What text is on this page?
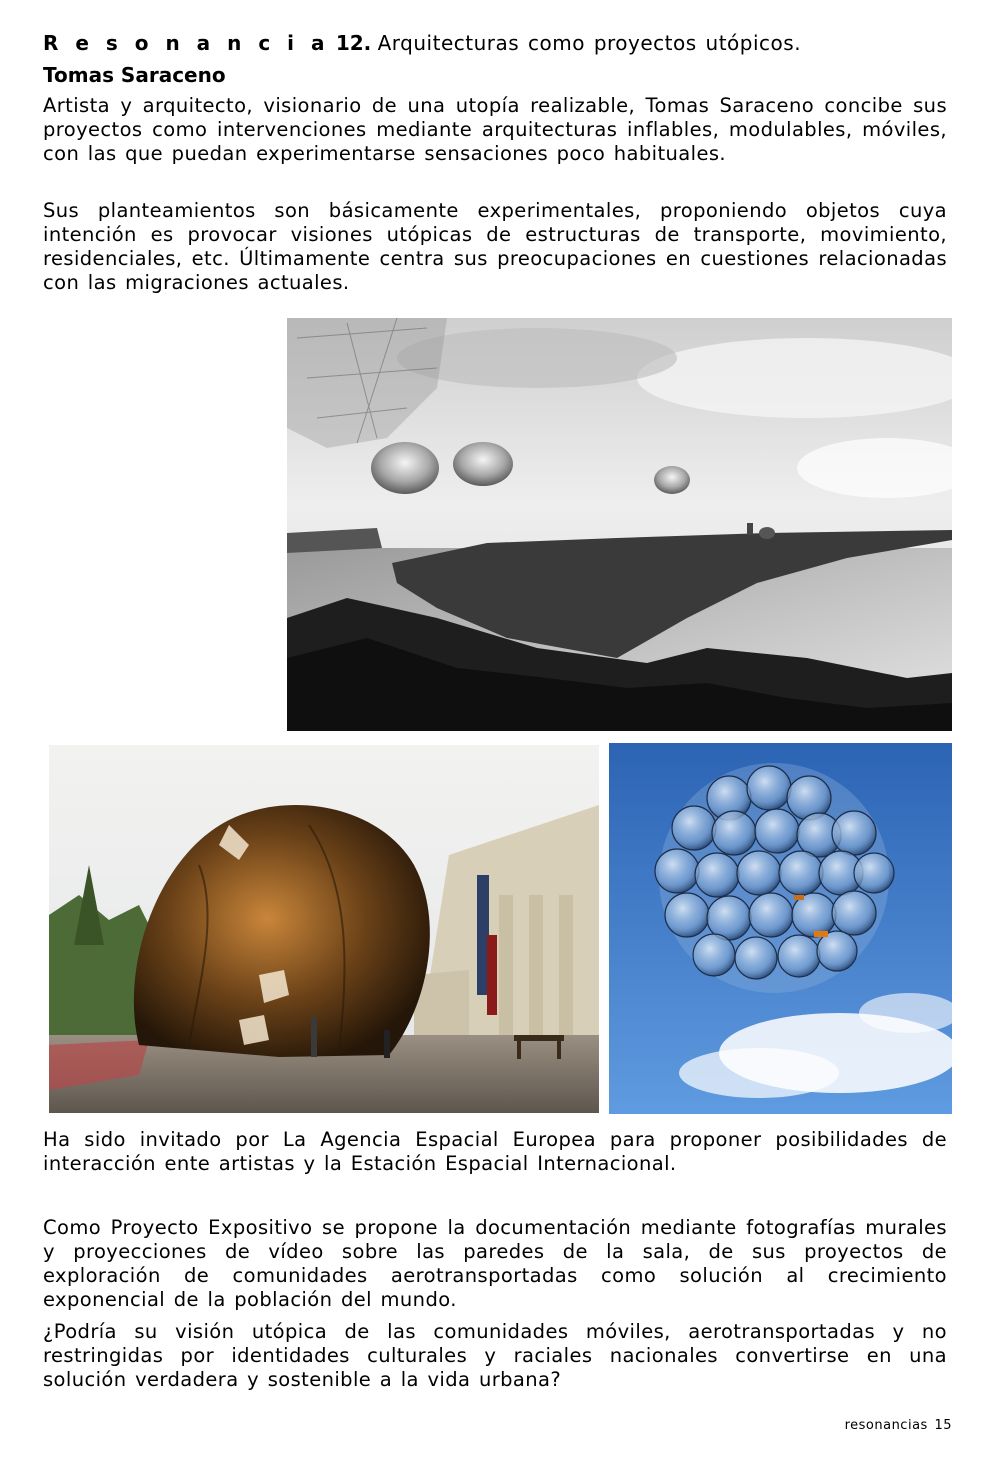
R e s o n a n c i a 12. Arquitecturas como proyectos utópicos.
Tomas Saraceno

Artista y arquitecto, visionario de una utopía realizable, Tomas Saraceno concibe sus proyectos como intervenciones mediante arquitecturas inflables, modulables, móviles, con las que puedan experimentarse sensaciones poco habituales.

Sus planteamientos son básicamente experimentales, proponiendo objetos cuya intención es provocar visiones utópicas de estructuras de transporte, movimiento, residenciales, etc. Últimamente centra sus preocupaciones en cuestiones relacionadas con las migraciones actuales.

Ha sido invitado por La Agencia Espacial Europea para proponer posibilidades de interacción ente artistas y la Estación Espacial Internacional.

Como Proyecto Expositivo se propone la documentación mediante fotografías murales y proyecciones de vídeo sobre las paredes de la sala, de sus proyectos de exploración de comunidades aerotransportadas como solución al crecimiento exponencial de la población del mundo.

¿Podría su visión utópica de las comunidades móviles, aerotransportadas y no restringidas por identidades culturales y raciales nacionales convertirse en una solución verdadera y sostenible a la vida urbana?

resonancias 15
